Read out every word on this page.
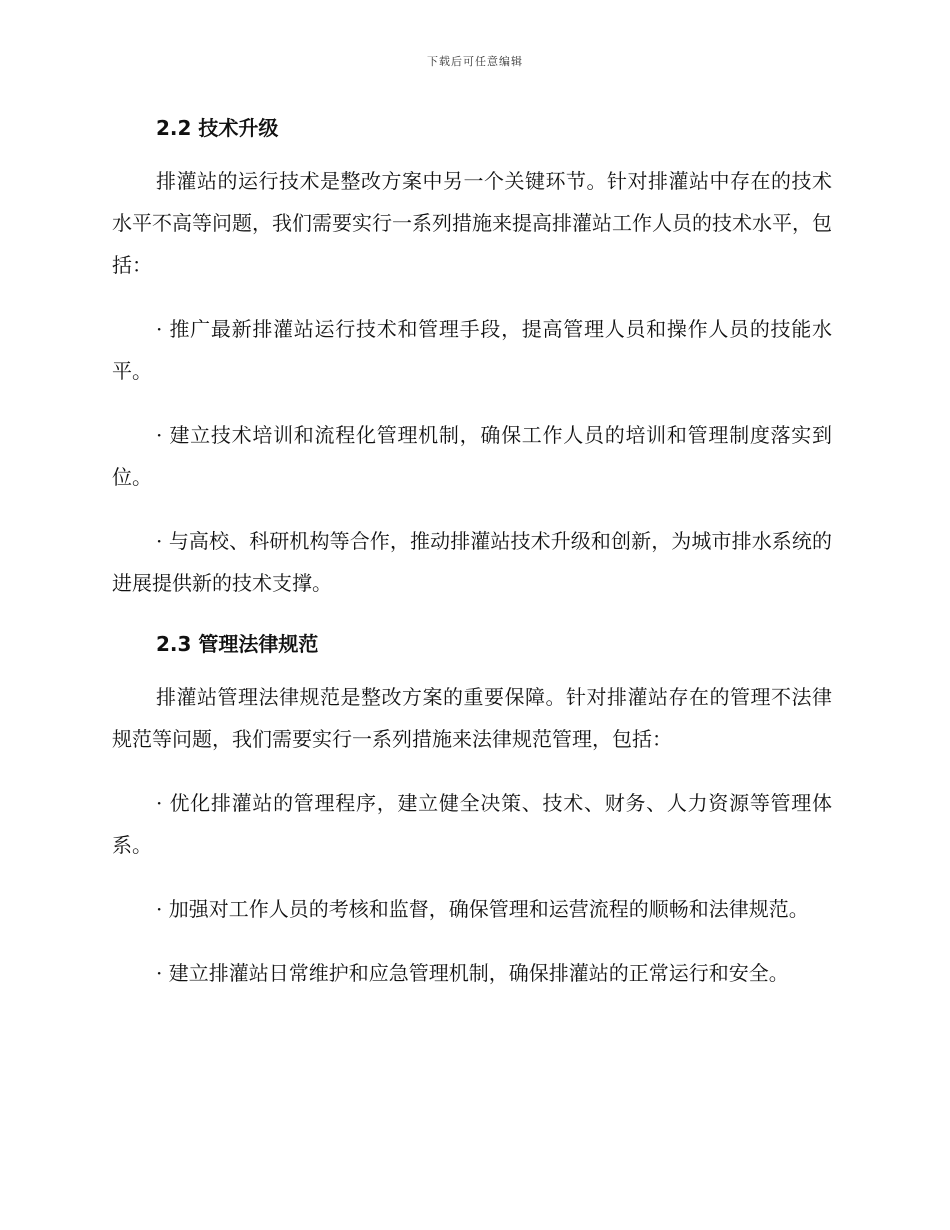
下载后可任意编辑
2.2 技术升级

排灌站的运行技术是整改方案中另一个关键环节。针对排灌站中存在的技术水平不高等问题，我们需要实行一系列措施来提高排灌站工作人员的技术水平，包括：

· 推广最新排灌站运行技术和管理手段，提高管理人员和操作人员的技能水平。

· 建立技术培训和流程化管理机制，确保工作人员的培训和管理制度落实到位。

· 与高校、科研机构等合作，推动排灌站技术升级和创新，为城市排水系统的进展提供新的技术支撑。

2.3 管理法律规范

排灌站管理法律规范是整改方案的重要保障。针对排灌站存在的管理不法律规范等问题，我们需要实行一系列措施来法律规范管理，包括：

· 优化排灌站的管理程序，建立健全决策、技术、财务、人力资源等管理体系。

· 加强对工作人员的考核和监督，确保管理和运营流程的顺畅和法律规范。

· 建立排灌站日常维护和应急管理机制，确保排灌站的正常运行和安全。
